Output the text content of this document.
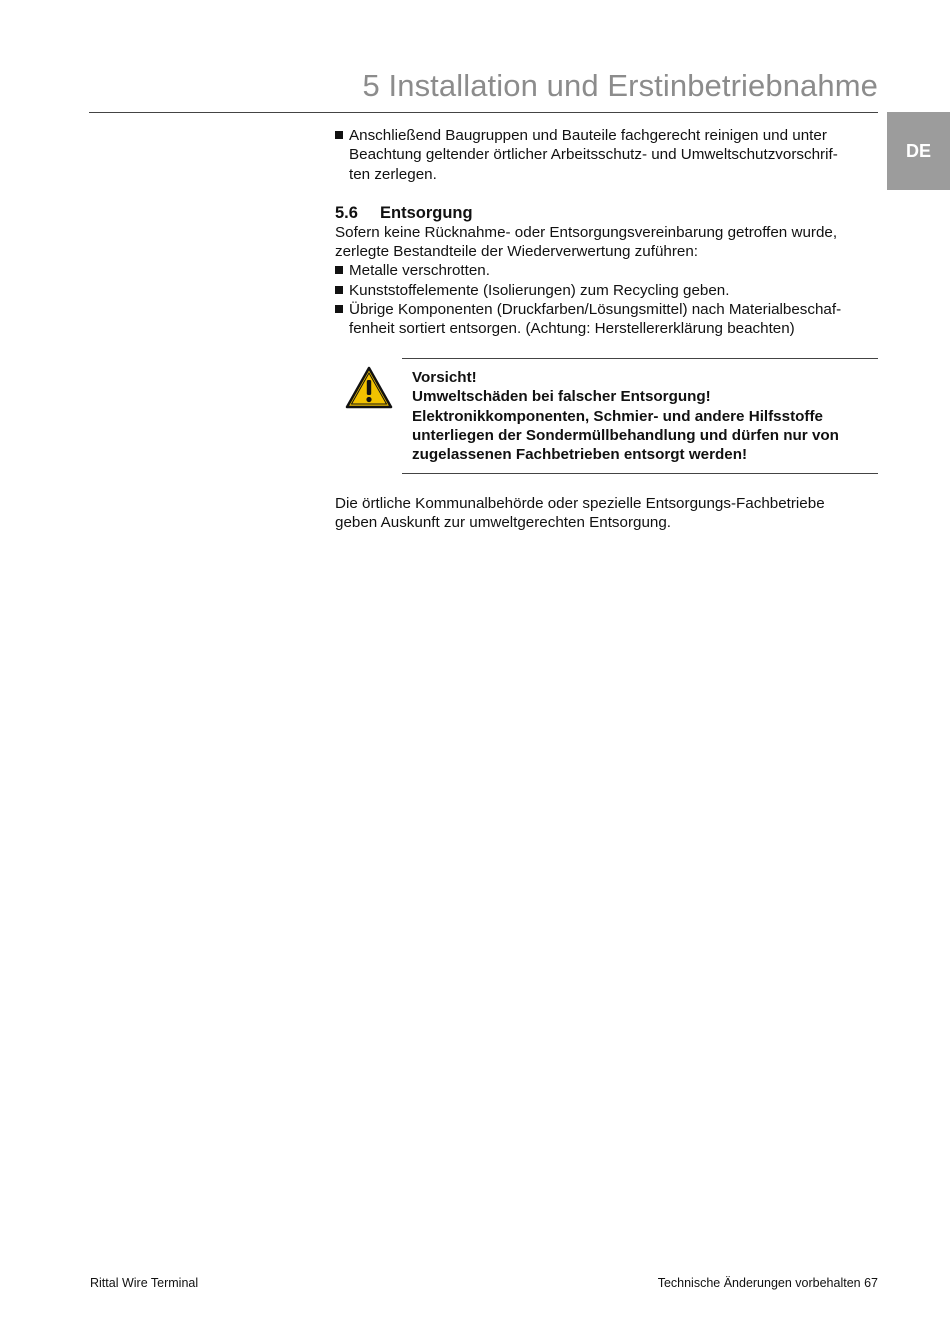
5 Installation und Erstinbetriebnahme
DE
Anschließend Baugruppen und Bauteile fachgerecht reinigen und unter
Beachtung geltender örtlicher Arbeitsschutz- und Umweltschutzvorschrif-
ten zerlegen.
5.6	Entsorgung
Sofern keine Rücknahme- oder Entsorgungsvereinbarung getroffen wurde,
zerlegte Bestandteile der Wiederverwertung zuführen:
Metalle verschrotten.
Kunststoffelemente (Isolierungen) zum Recycling geben.
Übrige Komponenten (Druckfarben/Lösungsmittel) nach Materialbeschaf-
fenheit sortiert entsorgen. (Achtung: Herstellererklärung beachten)
Vorsicht!
Umweltschäden bei falscher Entsorgung!
Elektronikkomponenten, Schmier- und andere Hilfsstoffe
unterliegen der Sondermüllbehandlung und dürfen nur von
zugelassenen Fachbetrieben entsorgt werden!
Die örtliche Kommunalbehörde oder spezielle Entsorgungs-Fachbetriebe
geben Auskunft zur umweltgerechten Entsorgung.
Rittal Wire Terminal	Technische Änderungen vorbehalten 67
